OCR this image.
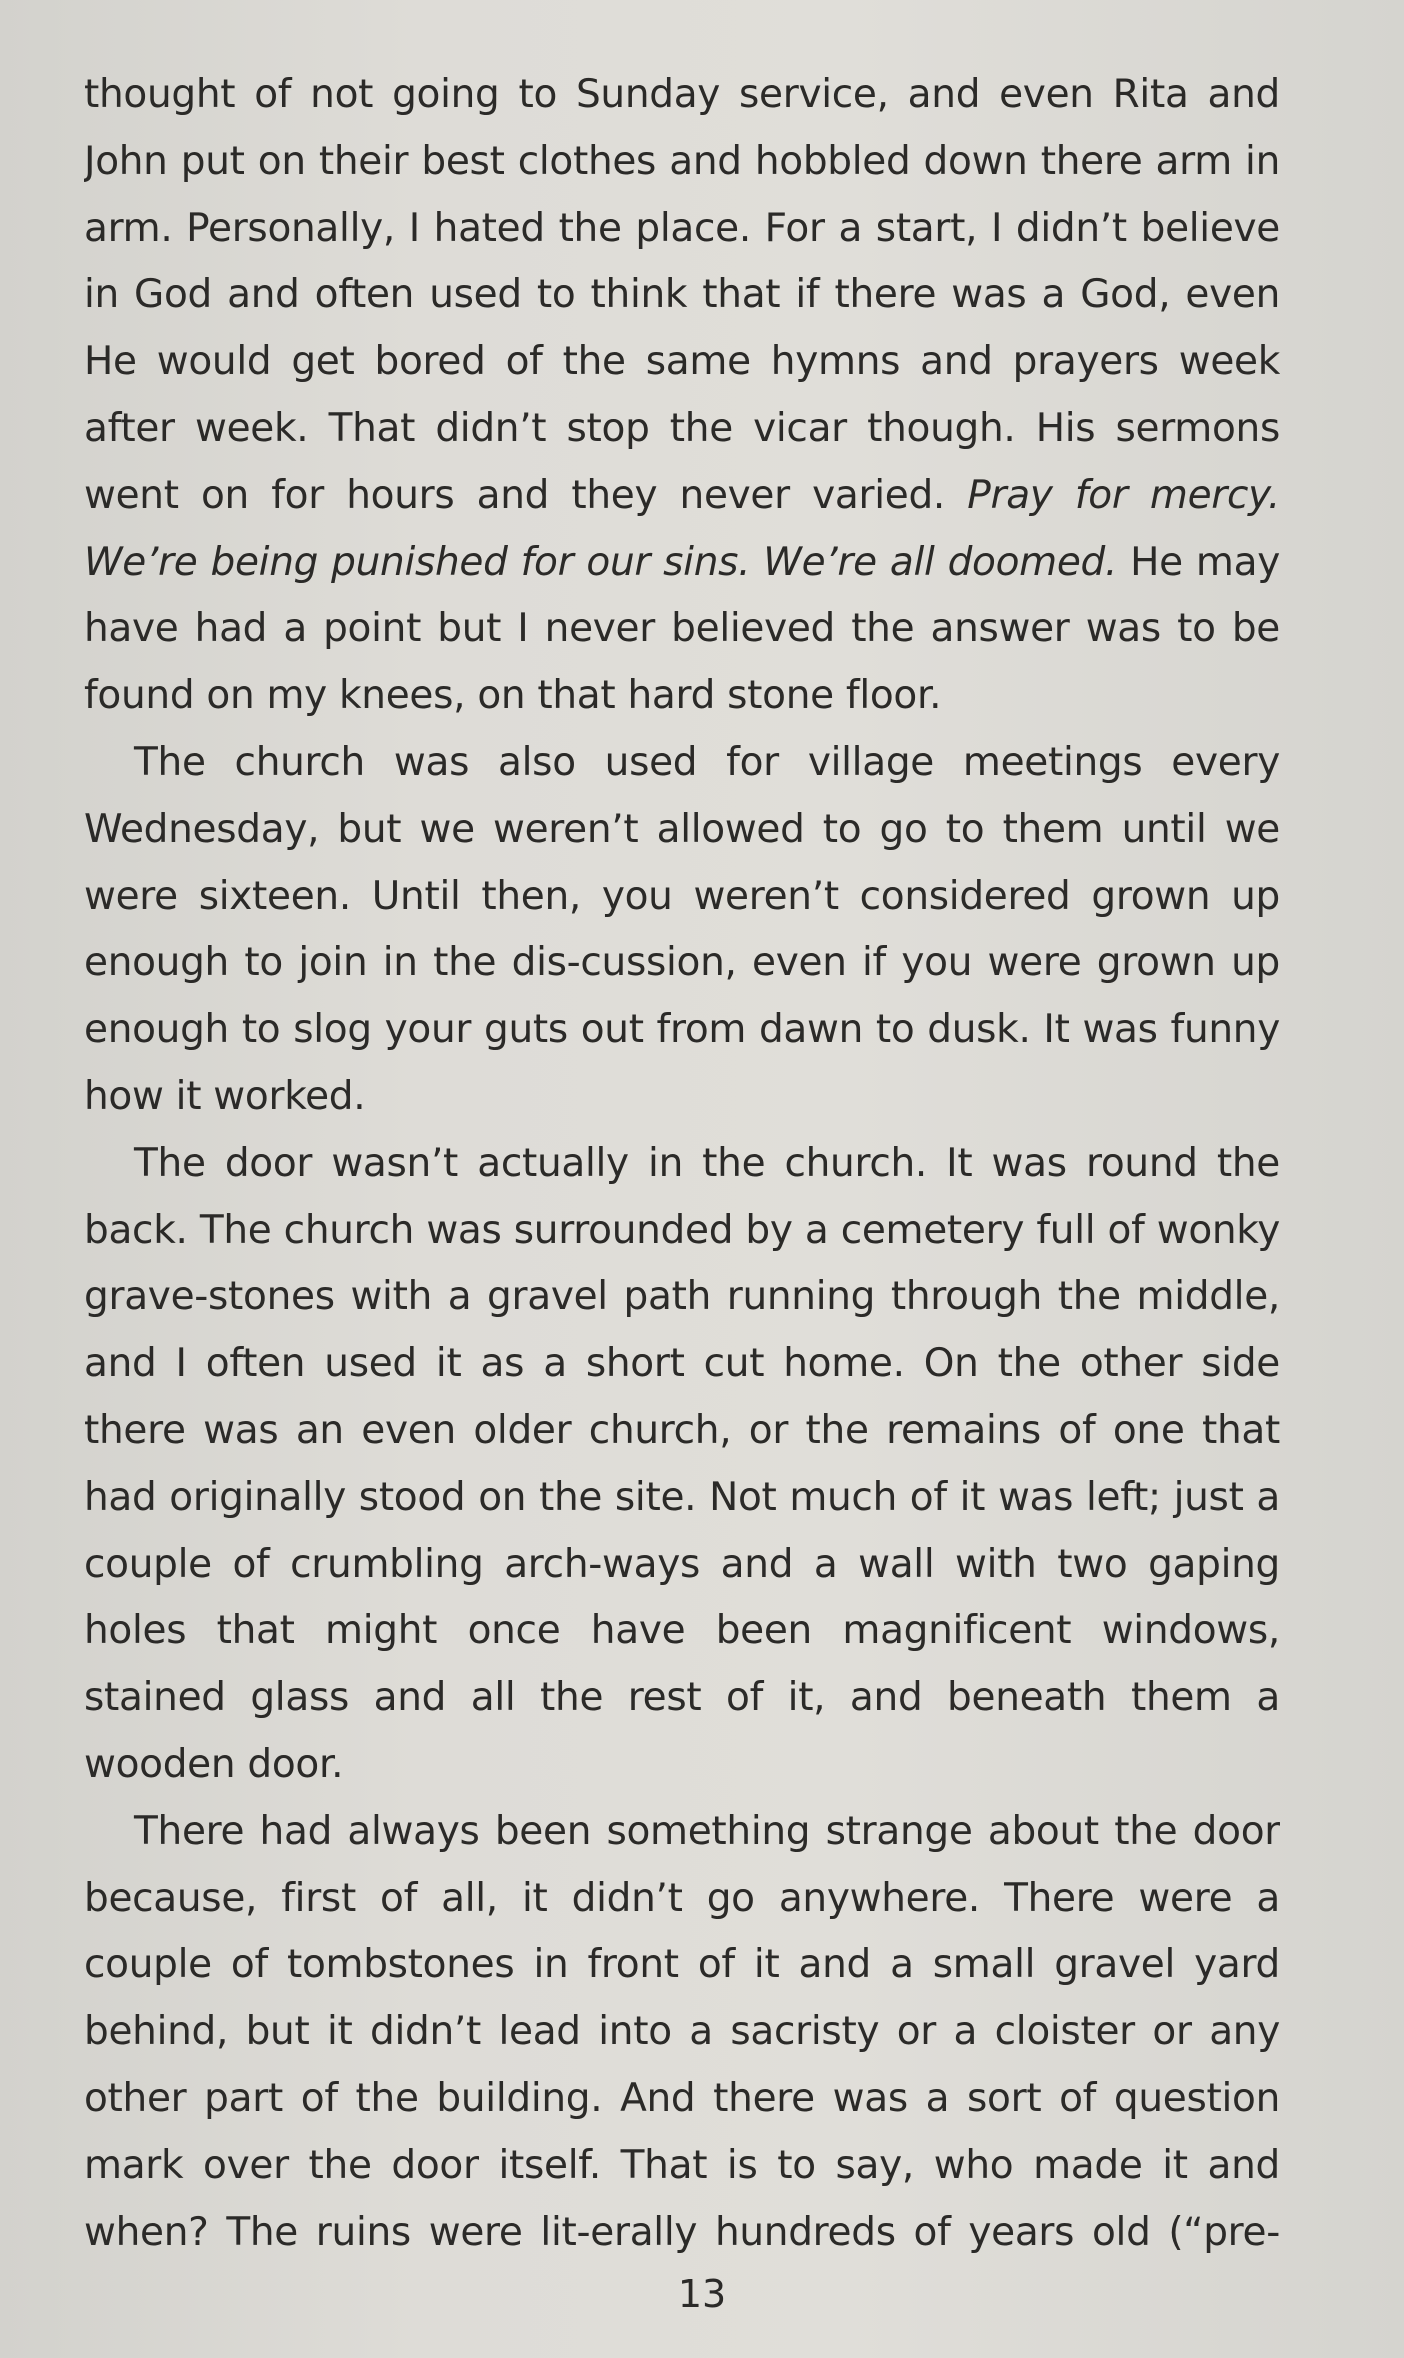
thought of not going to Sunday service, and even Rita and John put on their best clothes and hobbled down there arm in arm. Personally, I hated the place. For a start, I didn’t believe in God and often used to think that if there was a God, even He would get bored of the same hymns and prayers week after week. That didn’t stop the vicar though. His sermons went on for hours and they never varied. Pray for mercy. We’re being punished for our sins. We’re all doomed. He may have had a point but I never believed the answer was to be found on my knees, on that hard stone floor.

The church was also used for village meetings every Wednesday, but we weren’t allowed to go to them until we were sixteen. Until then, you weren’t considered grown up enough to join in the dis-cussion, even if you were grown up enough to slog your guts out from dawn to dusk. It was funny how it worked.

The door wasn’t actually in the church. It was round the back. The church was surrounded by a cemetery full of wonky grave-stones with a gravel path running through the middle, and I often used it as a short cut home. On the other side there was an even older church, or the remains of one that had originally stood on the site. Not much of it was left; just a couple of crumbling arch-ways and a wall with two gaping holes that might once have been magnificent windows, stained glass and all the rest of it, and beneath them a wooden door.

There had always been something strange about the door because, first of all, it didn’t go anywhere. There were a couple of tombstones in front of it and a small gravel yard behind, but it didn’t lead into a sacristy or a cloister or any other part of the building. And there was a sort of question mark over the door itself. That is to say, who made it and when? The ruins were lit-erally hundreds of years old (“pre-

13
